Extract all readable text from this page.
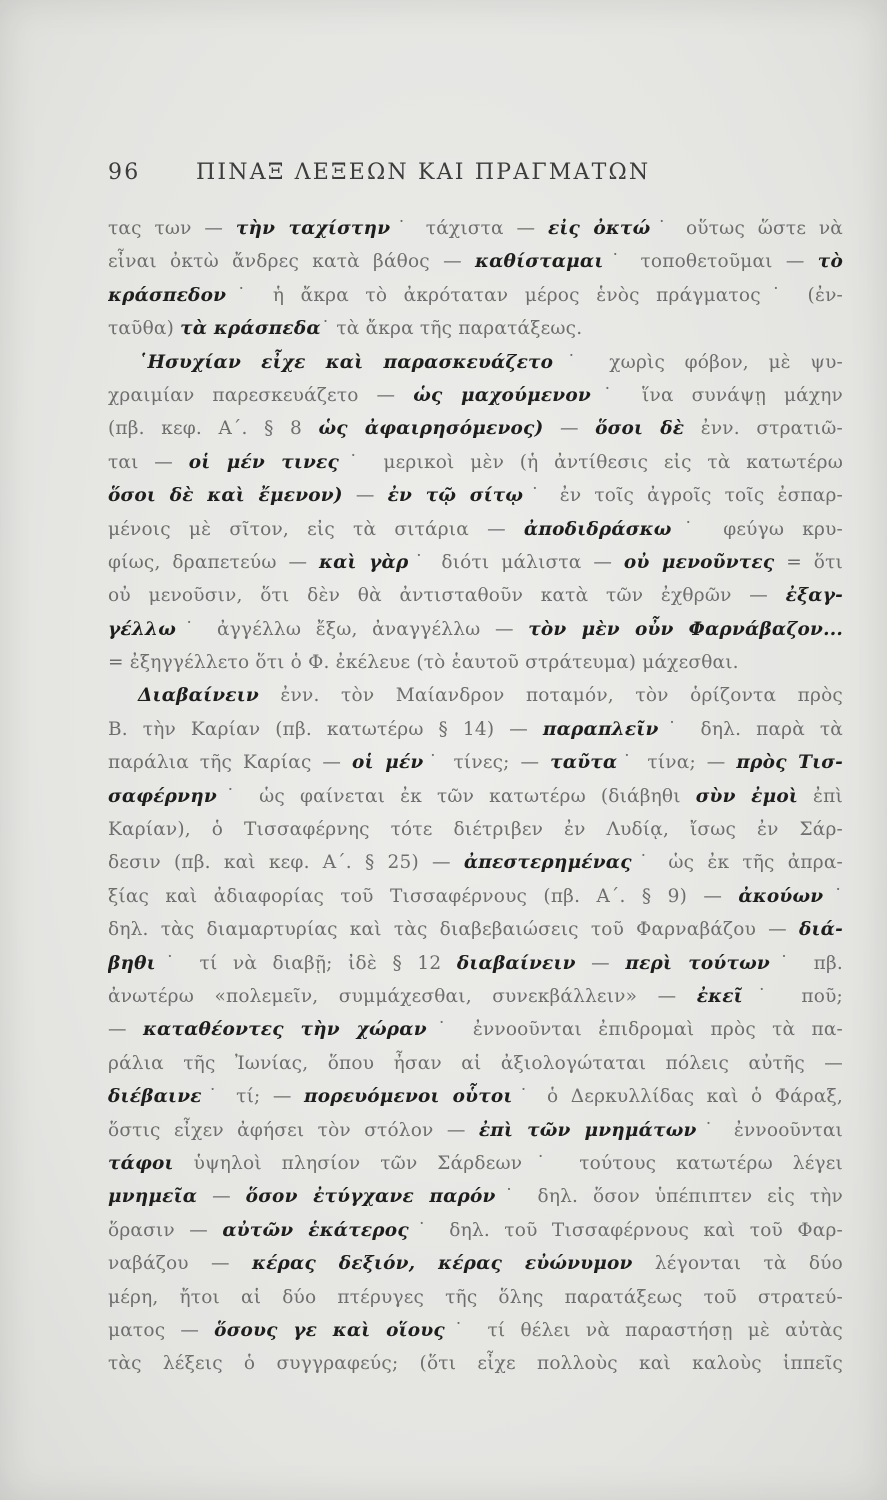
96	ΠΙΝΑΞ ΛΕΞΕΩΝ ΚΑΙ ΠΡΑΓΜΑΤΩΝ
τας των — τὴν ταχίστην˙ τάχιστα — εἰς ὀκτώ˙ οὕτως ὥστε νὰ
εἶναι ὀκτὼ ἄνδρες κατὰ βάθος — καθίσταμαι˙ τοποθετοῦμαι — τὸ
κράσπεδον˙ ἡ ἄκρα τὸ ἀκρόταταν μέρος ἑνὸς πράγματος˙ (ἐν-
ταῦθα) τὰ κράσπεδα˙ τὰ ἄκρα τῆς παρατάξεως.
῾Ησυχίαν εἶχε καὶ παρασκευάζετο˙ χωρὶς φόβον, μὲ ψυ-
χραιμίαν παρεσκευάζετο — ὡς μαχούμενον˙ ἵνα συνάψῃ μάχην
(πβ. κεφ. Α΄. § 8 ὡς ἀφαιρησόμενος) — ὅσοι δὲ ἐνν. στρατιῶ-
ται — οἱ μέν τινες˙ μερικοὶ μὲν (ἡ ἀντίθεσις εἰς τὰ κατωτέρω
ὅσοι δὲ καὶ ἔμενον) — ἐν τῷ σίτῳ˙ ἐν τοῖς ἀγροῖς τοῖς ἐσπαρ-
μένοις μὲ σῖτον, εἰς τὰ σιτάρια — ἀποδιδράσκω˙ φεύγω κρυ-
φίως, δραπετεύω — καὶ γὰρ˙ διότι μάλιστα — οὐ μενοῦντες = ὅτι
οὐ μενοῦσιν, ὅτι δὲν θὰ ἀντισταθοῦν κατὰ τῶν ἐχθρῶν — ἐξαγ-
γέλλω˙ ἀγγέλλω ἔξω, ἀναγγέλλω — τὸν μὲν οὖν Φαρνάβαζον...
= ἐξηγγέλλετο ὅτι ὁ Φ. ἐκέλευε (τὸ ἑαυτοῦ στράτευμα) μάχεσθαι.
Διαβαίνειν ἐνν. τὸν Μαίανδρον ποταμόν, τὸν ὁρίζοντα πρὸς
Β. τὴν Καρίαν (πβ. κατωτέρω § 14) — παραπλεῖν˙ δηλ. παρὰ τὰ
παράλια τῆς Καρίας — οἱ μέν˙ τίνες; — ταῦτα˙ τίνα; — πρὸς Τισ-
σαφέρνην˙ ὡς φαίνεται ἐκ τῶν κατωτέρω (διάβηθι σὺν ἐμοὶ ἐπὶ
Καρίαν), ὁ Τισσαφέρνης τότε διέτριβεν ἐν Λυδίᾳ, ἴσως ἐν Σάρ-
δεσιν (πβ. καὶ κεφ. Α΄. § 25) — ἀπεστερημένας˙ ὡς ἐκ τῆς ἀπρα-
ξίας καὶ ἀδιαφορίας τοῦ Τισσαφέρνους (πβ. Α΄. § 9) — ἀκούων˙
δηλ. τὰς διαμαρτυρίας καὶ τὰς διαβεβαιώσεις τοῦ Φαρναβάζου — διά-
βηθι˙ τί νὰ διαβῇ; ἰδὲ § 12 διαβαίνειν — περὶ τούτων˙ πβ.
ἀνωτέρω «πολεμεῖν, συμμάχεσθαι, συνεκβάλλειν» — ἐκεῖ˙ ποῦ;
— καταθέοντες τὴν χώραν˙ ἐννοοῦνται ἐπιδρομαὶ πρὸς τὰ πα-
ράλια τῆς Ἰωνίας, ὅπου ἦσαν αἱ ἀξιολογώταται πόλεις αὐτῆς —
διέβαινε˙ τί; — πορευόμενοι οὗτοι˙ ὁ Δερκυλλίδας καὶ ὁ Φάραξ,
ὅστις εἶχεν ἀφήσει τὸν στόλον — ἐπὶ τῶν μνημάτων˙ ἐννοοῦνται
τάφοι ὑψηλοὶ πλησίον τῶν Σάρδεων˙ τούτους κατωτέρω λέγει
μνημεῖα — ὅσον ἐτύγχανε παρόν˙ δηλ. ὅσον ὑπέπιπτεν εἰς τὴν
ὅρασιν — αὐτῶν ἑκάτερος˙ δηλ. τοῦ Τισσαφέρνους καὶ τοῦ Φαρ-
ναβάζου — κέρας δεξιόν, κέρας εὐώνυμον λέγονται τὰ δύο
μέρη, ἤτοι αἱ δύο πτέρυγες τῆς ὅλης παρατάξεως τοῦ στρατεύ-
ματος — ὅσους γε καὶ οἵους˙ τί θέλει νὰ παραστήσῃ μὲ αὐτὰς
τὰς λέξεις ὁ συγγραφεύς; (ὅτι εἶχε πολλοὺς καὶ καλοὺς ἱππεῖς
